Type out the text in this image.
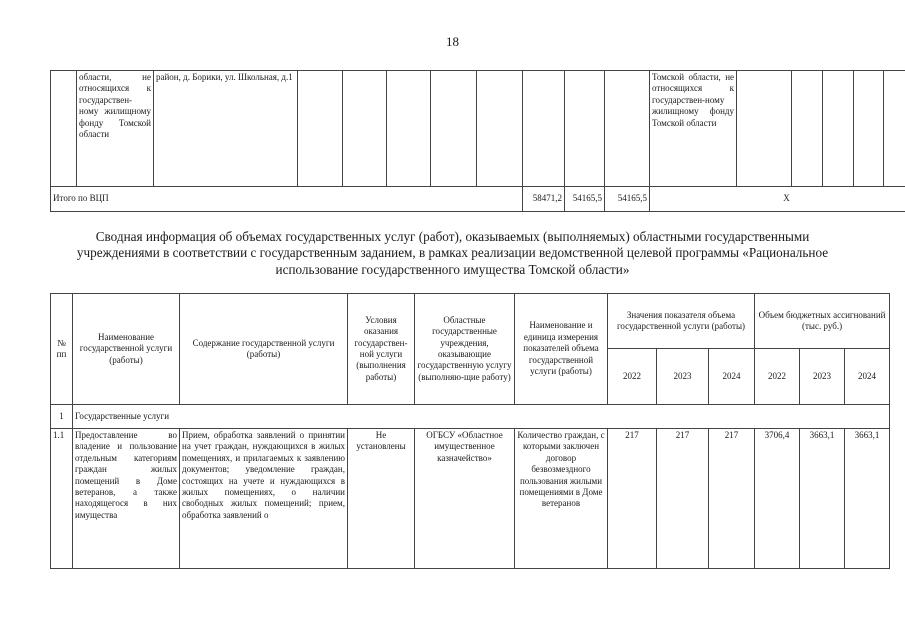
18
	области, не относящихся к государствен-ному жилищному фонду Томской области	район, д. Борики, ул. Школьная, д.1									Томской области, не относящихся к государствен-ному жилищному фонду Томской области					
Итого по ВЦП								58471,2	54165,5	54165,5	Х					
Сводная информация об объемах государственных услуг (работ), оказываемых (выполняемых) областными государственными учреждениями в соответствии с государственным заданием, в рамках реализации ведомственной целевой программы «Рациональное использование государственного имущества Томской области»
№ пп	Наименование государственной услуги (работы)	Содержание государственной услуги (работы)	Условия оказания государствен-ной услуги (выполнения работы)	Областные государственные учреждения, оказывающие государственную услугу (выполняю-щие работу)	Наименование и единица измерения показателей объема государственной услуги (работы)	Значения показателя объема государственной услуги (работы)			Объем бюджетных ассигнований (тыс. руб.)		
						2022	2023	2024	2022	2023	2024
1	Государственные услуги										
1.1	Предоставление во владение и пользование отдельным категориям граждан жилых помещений в Доме ветеранов, а также находящегося в них имущества	Прием, обработка заявлений о принятии на учет граждан, нуждающихся в жилых помещениях, и прилагаемых к заявлению документов; уведомление граждан, состоящих на учете и нуждающихся в жилых помещениях, о наличии свободных жилых помещений; прием, обработка заявлений о	Не установлены	ОГБСУ «Областное имущественное казначейство»	Количество граждан, с которыми заключен договор безвозмездного пользования жилыми помещениями в Доме ветеранов	217	217	217	3706,4	3663,1	3663,1
